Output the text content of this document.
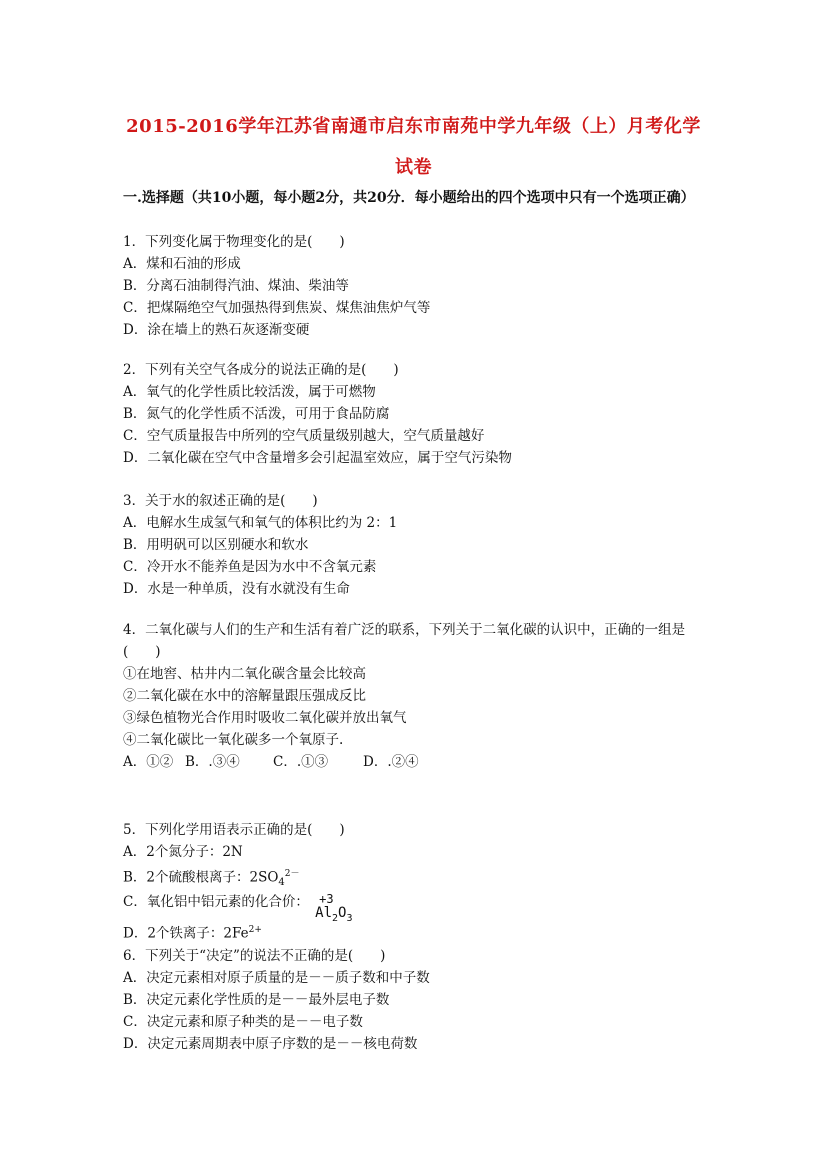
2015-2016学年江苏省南通市启东市南苑中学九年级（上）月考化学
试卷
一.选择题（共10小题，每小题2分，共20分．每小题给出的四个选项中只有一个选项正确）
1．下列变化属于物理变化的是(　　)
A．煤和石油的形成
B．分离石油制得汽油、煤油、柴油等
C．把煤隔绝空气加强热得到焦炭、煤焦油焦炉气等
D．涂在墙上的熟石灰逐渐变硬
2．下列有关空气各成分的说法正确的是(　　)
A．氧气的化学性质比较活泼，属于可燃物
B．氮气的化学性质不活泼，可用于食品防腐
C．空气质量报告中所列的空气质量级别越大，空气质量越好
D．二氧化碳在空气中含量增多会引起温室效应，属于空气污染物
3．关于水的叙述正确的是(　　)
A．电解水生成氢气和氧气的体积比约为 2：1
B．用明矾可以区别硬水和软水
C．冷开水不能养鱼是因为水中不含氧元素
D．水是一种单质，没有水就没有生命
4．二氧化碳与人们的生产和生活有着广泛的联系，下列关于二氧化碳的认识中，正确的一组是(　　)
①在地窖、枯井内二氧化碳含量会比较高
②二氧化碳在水中的溶解量跟压强成反比
③绿色植物光合作用时吸收二氧化碳并放出氧气
④二氧化碳比一氧化碳多一个氧原子.
A．①② B．.③④ C．.①③	D．.②④
5．下列化学用语表示正确的是(　　)
A．2个氮分子：2N
B．2个硫酸根离子：$2SO_4^{2-}$
C．氧化铝中铝元素的化合价： +3
$Al_2O_3$
D．2个铁离子：$2Fe^{2+}$
6．下列关于“决定”的说法不正确的是(　　)
A．决定元素相对原子质量的是－－质子数和中子数
B．决定元素化学性质的是－－最外层电子数
C．决定元素和原子种类的是－－电子数
D．决定元素周期表中原子序数的是－－核电荷数
